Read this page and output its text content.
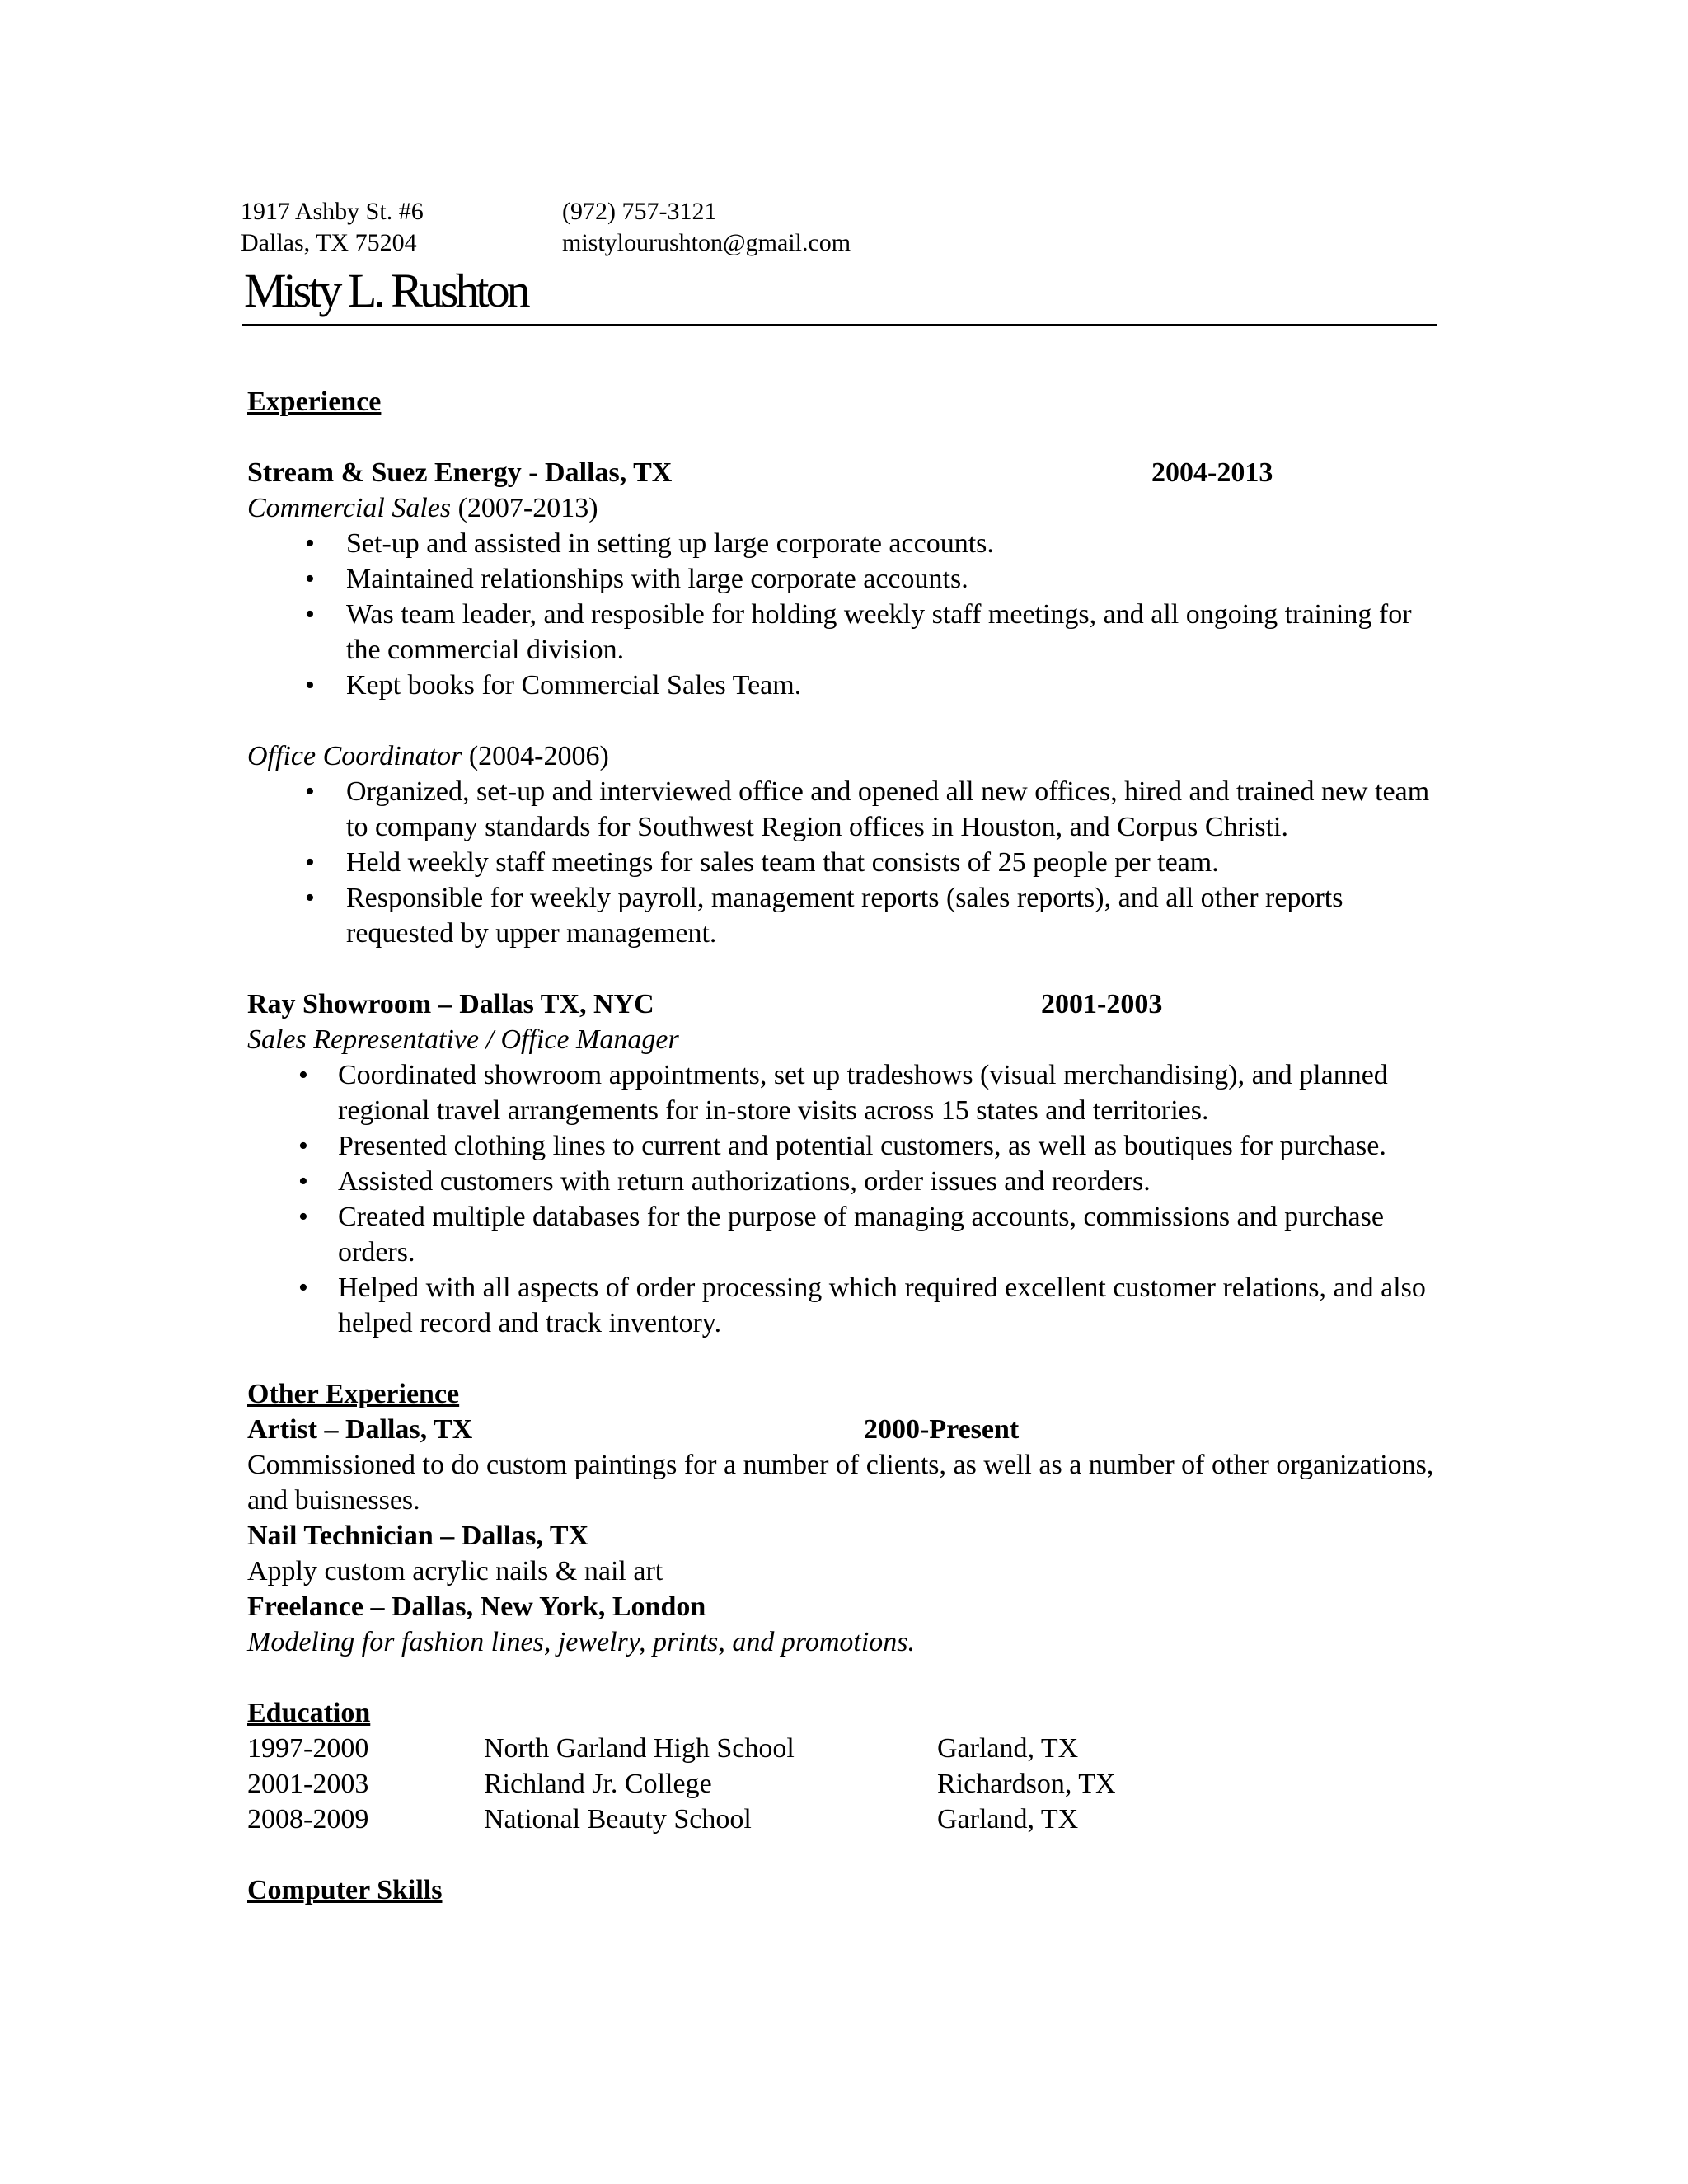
1917 Ashby St. #6	(972) 757-3121
Dallas, TX 75204	mistylourushton@gmail.com
Misty L. Rushton
Experience
Stream & Suez Energy - Dallas, TX	2004-2013
Commercial Sales (2007-2013)
• Set-up and assisted in setting up large corporate accounts.
• Maintained relationships with large corporate accounts.
• Was team leader, and resposible for holding weekly staff meetings, and all ongoing training for the commercial division.
• Kept books for Commercial Sales Team.
Office Coordinator (2004-2006)
• Organized, set-up and interviewed office and opened all new offices, hired and trained new team to company standards for Southwest Region offices in Houston, and Corpus Christi.
• Held weekly staff meetings for sales team that consists of 25 people per team.
• Responsible for weekly payroll, management reports (sales reports), and all other reports requested by upper management.
Ray Showroom – Dallas TX, NYC	2001-2003
Sales Representative / Office Manager
• Coordinated showroom appointments, set up tradeshows (visual merchandising), and planned regional travel arrangements for in-store visits across 15 states and territories.
• Presented clothing lines to current and potential customers, as well as boutiques for purchase.
• Assisted customers with return authorizations, order issues and reorders.
• Created multiple databases for the purpose of managing accounts, commissions and purchase orders.
• Helped with all aspects of order processing which required excellent customer relations, and also helped record and track inventory.
Other Experience
Artist – Dallas, TX	2000-Present
Commissioned to do custom paintings for a number of clients, as well as a number of other organizations, and buisnesses.
Nail Technician – Dallas, TX
Apply custom acrylic nails & nail art
Freelance – Dallas, New York, London
Modeling for fashion lines, jewelry, prints, and promotions.
Education
1997-2000	North Garland High School	Garland, TX
2001-2003	Richland Jr. College	Richardson, TX
2008-2009	National Beauty School	Garland, TX
Computer Skills
